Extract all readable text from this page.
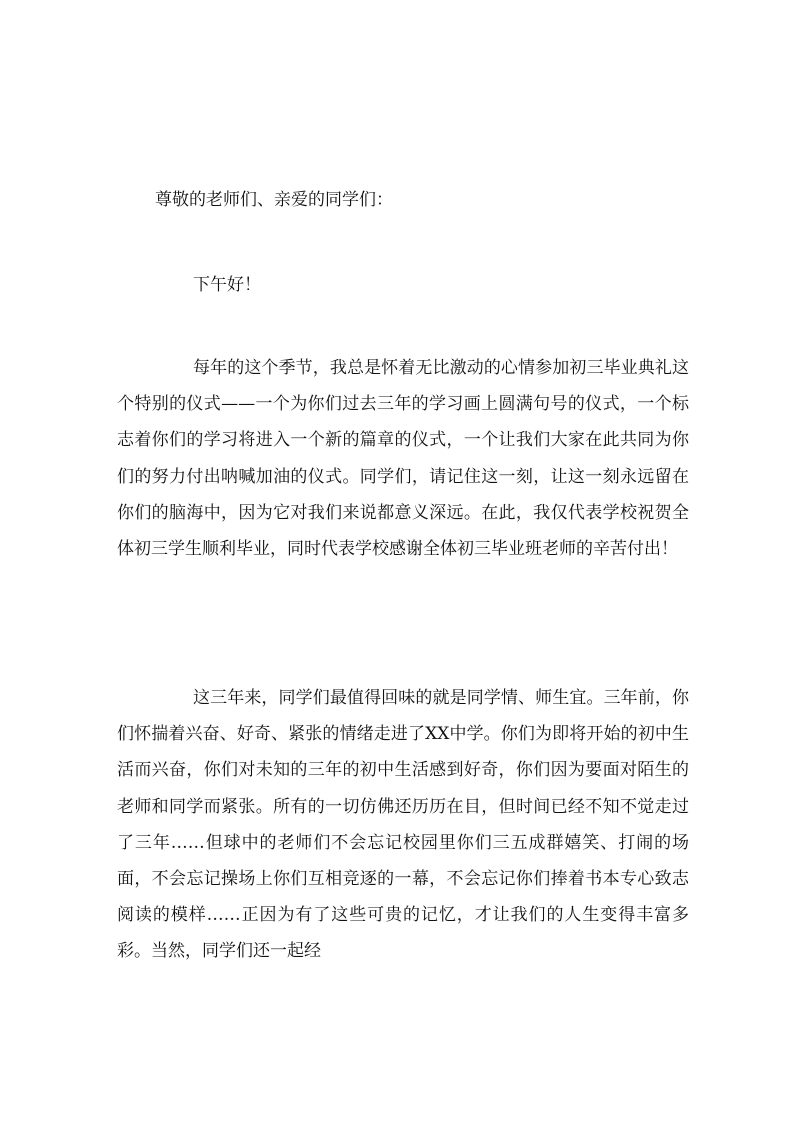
尊敬的老师们、亲爱的同学们：
下午好！

每年的这个季节，我总是怀着无比激动的心情参加初三毕业典礼这个特别的仪式——一个为你们过去三年的学习画上圆满句号的仪式，一个标志着你们的学习将进入一个新的篇章的仪式，一个让我们大家在此共同为你们的努力付出呐喊加油的仪式。同学们，请记住这一刻，让这一刻永远留在你们的脑海中，因为它对我们来说都意义深远。在此，我仅代表学校祝贺全体初三学生顺利毕业，同时代表学校感谢全体初三毕业班老师的辛苦付出！

这三年来，同学们最值得回味的就是同学情、师生宜。三年前，你们怀揣着兴奋、好奇、紧张的情绪走进了XX中学。你们为即将开始的初中生活而兴奋，你们对未知的三年的初中生活感到好奇，你们因为要面对陌生的老师和同学而紧张。所有的一切仿佛还历历在目，但时间已经不知不觉走过了三年……但球中的老师们不会忘记校园里你们三五成群嬉笑、打闹的场面，不会忘记操场上你们互相竞逐的一幕，不会忘记你们捧着书本专心致志阅读的模样……正因为有了这些可贵的记忆，才让我们的人生变得丰富多彩。当然，同学们还一起经
